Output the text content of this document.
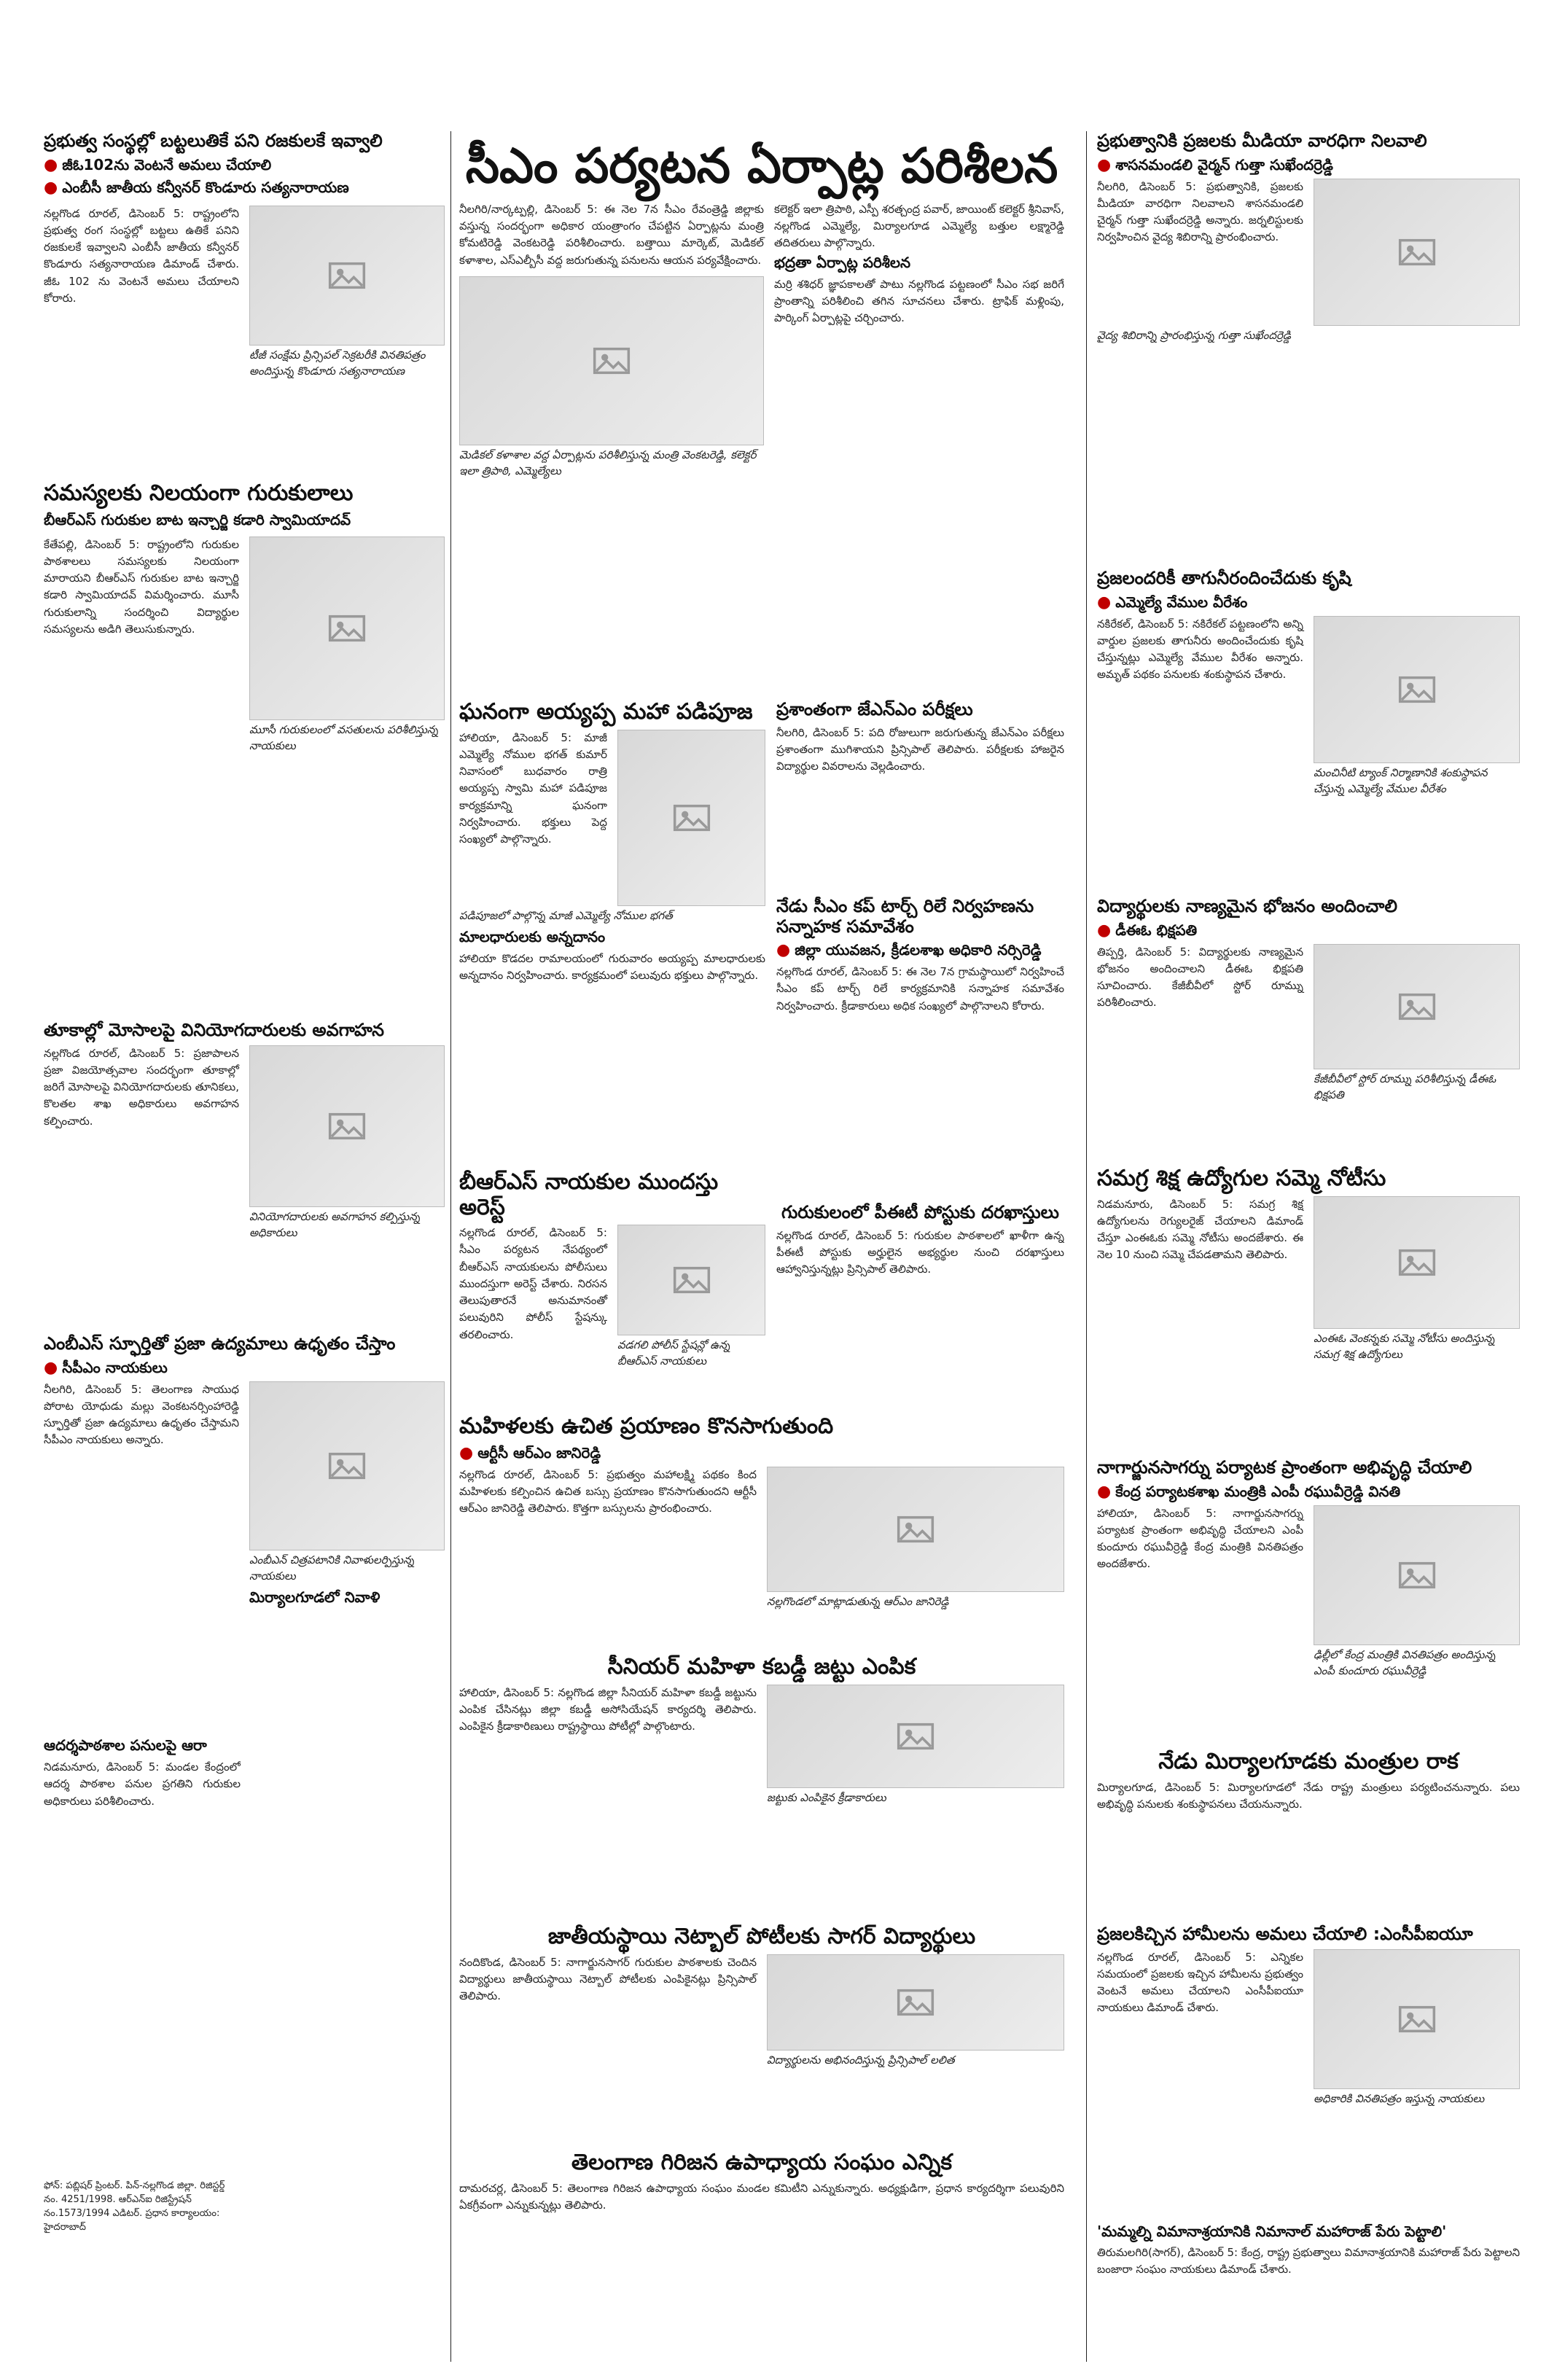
ప్రభుత్వ సంస్థల్లో బట్టలుతికే పని రజకులకే ఇవ్వాలి
● జీఓ102ను వెంటనే అమలు చేయాలి
● ఎంబీసీ జాతీయ కన్వీనర్ కొండూరు సత్యనారాయణ

నల్లగొండ రూరల్, డిసెంబర్ 5: రాష్ట్రంలోని ప్రభుత్వ రంగ సంస్థల్లో బట్టలు ఉతికే పనిని రజకులకే ఇవ్వాలని ఎంబీసీ జాతీయ కన్వీనర్ కొండూరు సత్యనారాయణ డిమాండ్ చేశారు. జీఓ 102 ను వెంటనే అమలు చేయాలని కోరారు.

టీజీ సంక్షేమ ప్రిన్సిపల్ సెక్రటరీకి వినతిపత్రం అందిస్తున్న కొండూరు సత్యనారాయణ

సమస్యలకు నిలయంగా గురుకులాలు
బీఆర్ఎస్ గురుకుల బాట ఇన్చార్జి కడారి స్వామియాదవ్

కేతేపల్లి, డిసెంబర్ 5: రాష్ట్రంలోని గురుకుల పాఠశాలలు సమస్యలకు నిలయంగా మారాయని బీఆర్ఎస్ గురుకుల బాట ఇన్చార్జి కడారి స్వామియాదవ్ విమర్శించారు. మూసీ గురుకులాన్ని సందర్శించి విద్యార్థుల సమస్యలను అడిగి తెలుసుకున్నారు.

మూసీ గురుకులంలో వసతులను పరిశీలిస్తున్న నాయకులు

తూకాల్లో మోసాలపై వినియోగదారులకు అవగాహన

నల్లగొండ రూరల్, డిసెంబర్ 5: ప్రజాపాలన ప్రజా విజయోత్సవాల సందర్భంగా తూకాల్లో జరిగే మోసాలపై వినియోగదారులకు తూనికలు, కొలతల శాఖ అధికారులు అవగాహన కల్పించారు.

వినియోగదారులకు అవగాహన కల్పిస్తున్న అధికారులు

ఎంబీఎస్ స్ఫూర్తితో ప్రజా ఉద్యమాలు ఉధృతం చేస్తాం
● సీపీఎం నాయకులు

నీలగిరి, డిసెంబర్ 5: తెలంగాణ సాయుధ పోరాట యోధుడు మల్లు వెంకటనర్సింహారెడ్డి స్ఫూర్తితో ప్రజా ఉద్యమాలు ఉధృతం చేస్తామని సీపీఎం నాయకులు అన్నారు.

ఎంబీఎన్ చిత్రపటానికి నివాళులర్పిస్తున్న నాయకులు

మిర్యాలగూడలో నివాళి
ఆదర్శపాఠశాల పనులపై ఆరా

నిడమనూరు, డిసెంబర్ 5: మండల కేంద్రంలో ఆదర్శ పాఠశాల పనుల ప్రగతిని గురుకుల అధికారులు పరిశీలించారు.

ఫోన్: పబ్లిషర్ ప్రింటర్. పిన్-నల్లగొండ జిల్లా. రిజిస్టర్డ్ నం. 4251/1998. ఆర్ఎన్ఐ రిజిస్ట్రేషన్ నం.1573/1994 ఎడిటర్. ప్రధాన కార్యాలయం: హైదరాబాద్
సీఎం పర్యటన ఏర్పాట్ల పరిశీలన

నీలగిరి/నార్కట్పల్లి, డిసెంబర్ 5: ఈ నెల 7న సీఎం రేవంత్రెడ్డి జిల్లాకు వస్తున్న సందర్భంగా అధికార యంత్రాంగం చేపట్టిన ఏర్పాట్లను మంత్రి కోమటిరెడ్డి వెంకటరెడ్డి పరిశీలించారు. బత్తాయి మార్కెట్, మెడికల్ కళాశాల, ఎస్ఎల్బీసీ వద్ద జరుగుతున్న పనులను ఆయన పర్యవేక్షించారు.

మెడికల్ కళాశాల వద్ద ఏర్పాట్లను పరిశీలిస్తున్న మంత్రి వెంకటరెడ్డి, కలెక్టర్ ఇలా త్రిపాఠి, ఎమ్మెల్యేలు

కలెక్టర్ ఇలా త్రిపాఠి, ఎస్పీ శరత్చంద్ర పవార్, జాయింట్ కలెక్టర్ శ్రీనివాస్, నల్లగొండ ఎమ్మెల్యే, మిర్యాలగూడ ఎమ్మెల్యే బత్తుల లక్ష్మారెడ్డి తదితరులు పాల్గొన్నారు.

భద్రతా ఏర్పాట్ల పరిశీలన

మర్రి శశిధర్ జ్ఞాపకాలతో పాటు నల్లగొండ పట్టణంలో సీఎం సభ జరిగే ప్రాంతాన్ని పరిశీలించి తగిన సూచనలు చేశారు. ట్రాఫిక్ మళ్లింపు, పార్కింగ్ ఏర్పాట్లపై చర్చించారు.

ఘనంగా అయ్యప్ప మహా పడిపూజ

హాలియా, డిసెంబర్ 5: మాజీ ఎమ్మెల్యే నోముల భగత్ కుమార్ నివాసంలో బుధవారం రాత్రి అయ్యప్ప స్వామి మహా పడిపూజ కార్యక్రమాన్ని ఘనంగా నిర్వహించారు. భక్తులు పెద్ద సంఖ్యలో పాల్గొన్నారు.

పడిపూజలో పాల్గొన్న మాజీ ఎమ్మెల్యే నోముల భగత్

మాలధారులకు అన్నదానం

హాలియా కొడదల రామాలయంలో గురువారం అయ్యప్ప మాలధారులకు అన్నదానం నిర్వహించారు. కార్యక్రమంలో పలువురు భక్తులు పాల్గొన్నారు.

బీఆర్ఎస్ నాయకుల ముందస్తు అరెస్ట్

నల్లగొండ రూరల్, డిసెంబర్ 5: సీఎం పర్యటన నేపథ్యంలో బీఆర్ఎస్ నాయకులను పోలీసులు ముందస్తుగా అరెస్ట్ చేశారు. నిరసన తెలుపుతారనే అనుమానంతో పలువురిని పోలీస్ స్టేషన్కు తరలించారు.

వడగలి పోలీస్ స్టేషన్లో ఉన్న బీఆర్ఎస్ నాయకులు

మహిళలకు ఉచిత ప్రయాణం కొనసాగుతుంది
● ఆర్టీసీ ఆర్ఎం జానిరెడ్డి

నల్లగొండ రూరల్, డిసెంబర్ 5: ప్రభుత్వం మహాలక్ష్మి పథకం కింద మహిళలకు కల్పించిన ఉచిత బస్సు ప్రయాణం కొనసాగుతుందని ఆర్టీసీ ఆర్ఎం జానిరెడ్డి తెలిపారు. కొత్తగా బస్సులను ప్రారంభించారు.

నల్లగొండలో మాట్లాడుతున్న ఆర్ఎం జానిరెడ్డి

సీనియర్ మహిళా కబడ్డీ జట్టు ఎంపిక

హాలియా, డిసెంబర్ 5: నల్లగొండ జిల్లా సీనియర్ మహిళా కబడ్డీ జట్టును ఎంపిక చేసినట్లు జిల్లా కబడ్డీ అసోసియేషన్ కార్యదర్శి తెలిపారు. ఎంపికైన క్రీడాకారిణులు రాష్ట్రస్థాయి పోటీల్లో పాల్గొంటారు.

జట్టుకు ఎంపికైన క్రీడాకారులు

జాతీయస్థాయి నెట్బాల్ పోటీలకు సాగర్ విద్యార్థులు

నందికొండ, డిసెంబర్ 5: నాగార్జునసాగర్ గురుకుల పాఠశాలకు చెందిన విద్యార్థులు జాతీయస్థాయి నెట్బాల్ పోటీలకు ఎంపికైనట్లు ప్రిన్సిపాల్ తెలిపారు.

విద్యార్థులను అభినందిస్తున్న ప్రిన్సిపాల్ లలిత

తెలంగాణ గిరిజన ఉపాధ్యాయ సంఘం ఎన్నిక

దామరచర్ల, డిసెంబర్ 5: తెలంగాణ గిరిజన ఉపాధ్యాయ సంఘం మండల కమిటీని ఎన్నుకున్నారు. అధ్యక్షుడిగా, ప్రధాన కార్యదర్శిగా పలువురిని ఏకగ్రీవంగా ఎన్నుకున్నట్లు తెలిపారు.

ప్రశాంతంగా జేఎన్ఎం పరీక్షలు

నీలగిరి, డిసెంబర్ 5: పది రోజులుగా జరుగుతున్న జేఎన్ఎం పరీక్షలు ప్రశాంతంగా ముగిశాయని ప్రిన్సిపాల్ తెలిపారు. పరీక్షలకు హాజరైన విద్యార్థుల వివరాలను వెల్లడించారు.

నేడు సీఎం కప్ టార్చ్ రిలే నిర్వహణను సన్నాహక సమావేశం
● జిల్లా యువజన, క్రీడలశాఖ అధికారి నర్సిరెడ్డి

నల్లగొండ రూరల్, డిసెంబర్ 5: ఈ నెల 7న గ్రామస్థాయిలో నిర్వహించే సీఎం కప్ టార్చ్ రిలే కార్యక్రమానికి సన్నాహక సమావేశం నిర్వహించారు. క్రీడాకారులు అధిక సంఖ్యలో పాల్గొనాలని కోరారు.

గురుకులంలో పీఈటీ పోస్టుకు దరఖాస్తులు

నల్లగొండ రూరల్, డిసెంబర్ 5: గురుకుల పాఠశాలలో ఖాళీగా ఉన్న పీఈటీ పోస్టుకు అర్హులైన అభ్యర్థుల నుంచి దరఖాస్తులు ఆహ్వానిస్తున్నట్లు ప్రిన్సిపాల్ తెలిపారు.

ప్రభుత్వానికి ప్రజలకు మీడియా వారధిగా నిలవాలి
● శాసనమండలి వైర్మన్ గుత్తా సుఖేందర్రెడ్డి

నీలగిరి, డిసెంబర్ 5: ప్రభుత్వానికి, ప్రజలకు మీడియా వారధిగా నిలవాలని శాసనమండలి చైర్మన్ గుత్తా సుఖేందర్రెడ్డి అన్నారు. జర్నలిస్టులకు నిర్వహించిన వైద్య శిబిరాన్ని ప్రారంభించారు.

వైద్య శిబిరాన్ని ప్రారంభిస్తున్న గుత్తా సుఖేందర్రెడ్డి

ప్రజలందరికీ తాగునీరందించేదుకు కృషి
● ఎమ్మెల్యే వేముల వీరేశం

నకిరేకల్, డిసెంబర్ 5: నకిరేకల్ పట్టణంలోని అన్ని వార్డుల ప్రజలకు తాగునీరు అందించేందుకు కృషి చేస్తున్నట్లు ఎమ్మెల్యే వేముల వీరేశం అన్నారు. అమృత్ పథకం పనులకు శంకుస్థాపన చేశారు.

మంచినీటి ట్యాంక్ నిర్మాణానికి శంకుస్థాపన చేస్తున్న ఎమ్మెల్యే వేముల వీరేశం

విద్యార్థులకు నాణ్యమైన భోజనం అందించాలి
● డీఈఓ భిక్షపతి

తిప్పర్తి, డిసెంబర్ 5: విద్యార్థులకు నాణ్యమైన భోజనం అందించాలని డీఈఓ భిక్షపతి సూచించారు. కేజీబీవీలో స్టోర్ రూమ్ను పరిశీలించారు.

కేజీబీవీలో స్టోర్ రూమ్ను పరిశీలిస్తున్న డీఈఓ భిక్షపతి

సమగ్ర శిక్ష ఉద్యోగుల సమ్మె నోటీసు

నిడమనూరు, డిసెంబర్ 5: సమగ్ర శిక్ష ఉద్యోగులను రెగ్యులరైజ్ చేయాలని డిమాండ్ చేస్తూ ఎంఈఓకు సమ్మె నోటీసు అందజేశారు. ఈ నెల 10 నుంచి సమ్మె చేపడతామని తెలిపారు.

ఎంఈఓ వెంకన్నకు సమ్మె నోటీసు అందిస్తున్న సమగ్ర శిక్ష ఉద్యోగులు

నాగార్జునసాగర్ను పర్యాటక ప్రాంతంగా అభివృద్ధి చేయాలి
● కేంద్ర పర్యాటకశాఖ మంత్రికి ఎంపీ రఘువీర్రెడ్డి వినతి

హాలియా, డిసెంబర్ 5: నాగార్జునసాగర్ను పర్యాటక ప్రాంతంగా అభివృద్ధి చేయాలని ఎంపీ కుందూరు రఘువీర్రెడ్డి కేంద్ర మంత్రికి వినతిపత్రం అందజేశారు.

ఢిల్లీలో కేంద్ర మంత్రికి వినతిపత్రం అందిస్తున్న ఎంపీ కుందూరు రఘువీర్రెడ్డి

నేడు మిర్యాలగూడకు మంత్రుల రాక

మిర్యాలగూడ, డిసెంబర్ 5: మిర్యాలగూడలో నేడు రాష్ట్ర మంత్రులు పర్యటించనున్నారు. పలు అభివృద్ధి పనులకు శంకుస్థాపనలు చేయనున్నారు.

ప్రజలకిచ్చిన హామీలను అమలు చేయాలి :ఎంసీపీఐయూ

నల్లగొండ రూరల్, డిసెంబర్ 5: ఎన్నికల సమయంలో ప్రజలకు ఇచ్చిన హామీలను ప్రభుత్వం వెంటనే అమలు చేయాలని ఎంసీపీఐయూ నాయకులు డిమాండ్ చేశారు.

అధికారికి వినతిపత్రం ఇస్తున్న నాయకులు

'మమ్మల్ని విమానాశ్రయానికి నిమానాల్ మహారాజ్ పేరు పెట్టాలి'

తిరుమలగిరి(సాగర్), డిసెంబర్ 5: కేంద్ర, రాష్ట్ర ప్రభుత్వాలు విమానాశ్రయానికి మహారాజ్ పేరు పెట్టాలని బంజారా సంఘం నాయకులు డిమాండ్ చేశారు.
